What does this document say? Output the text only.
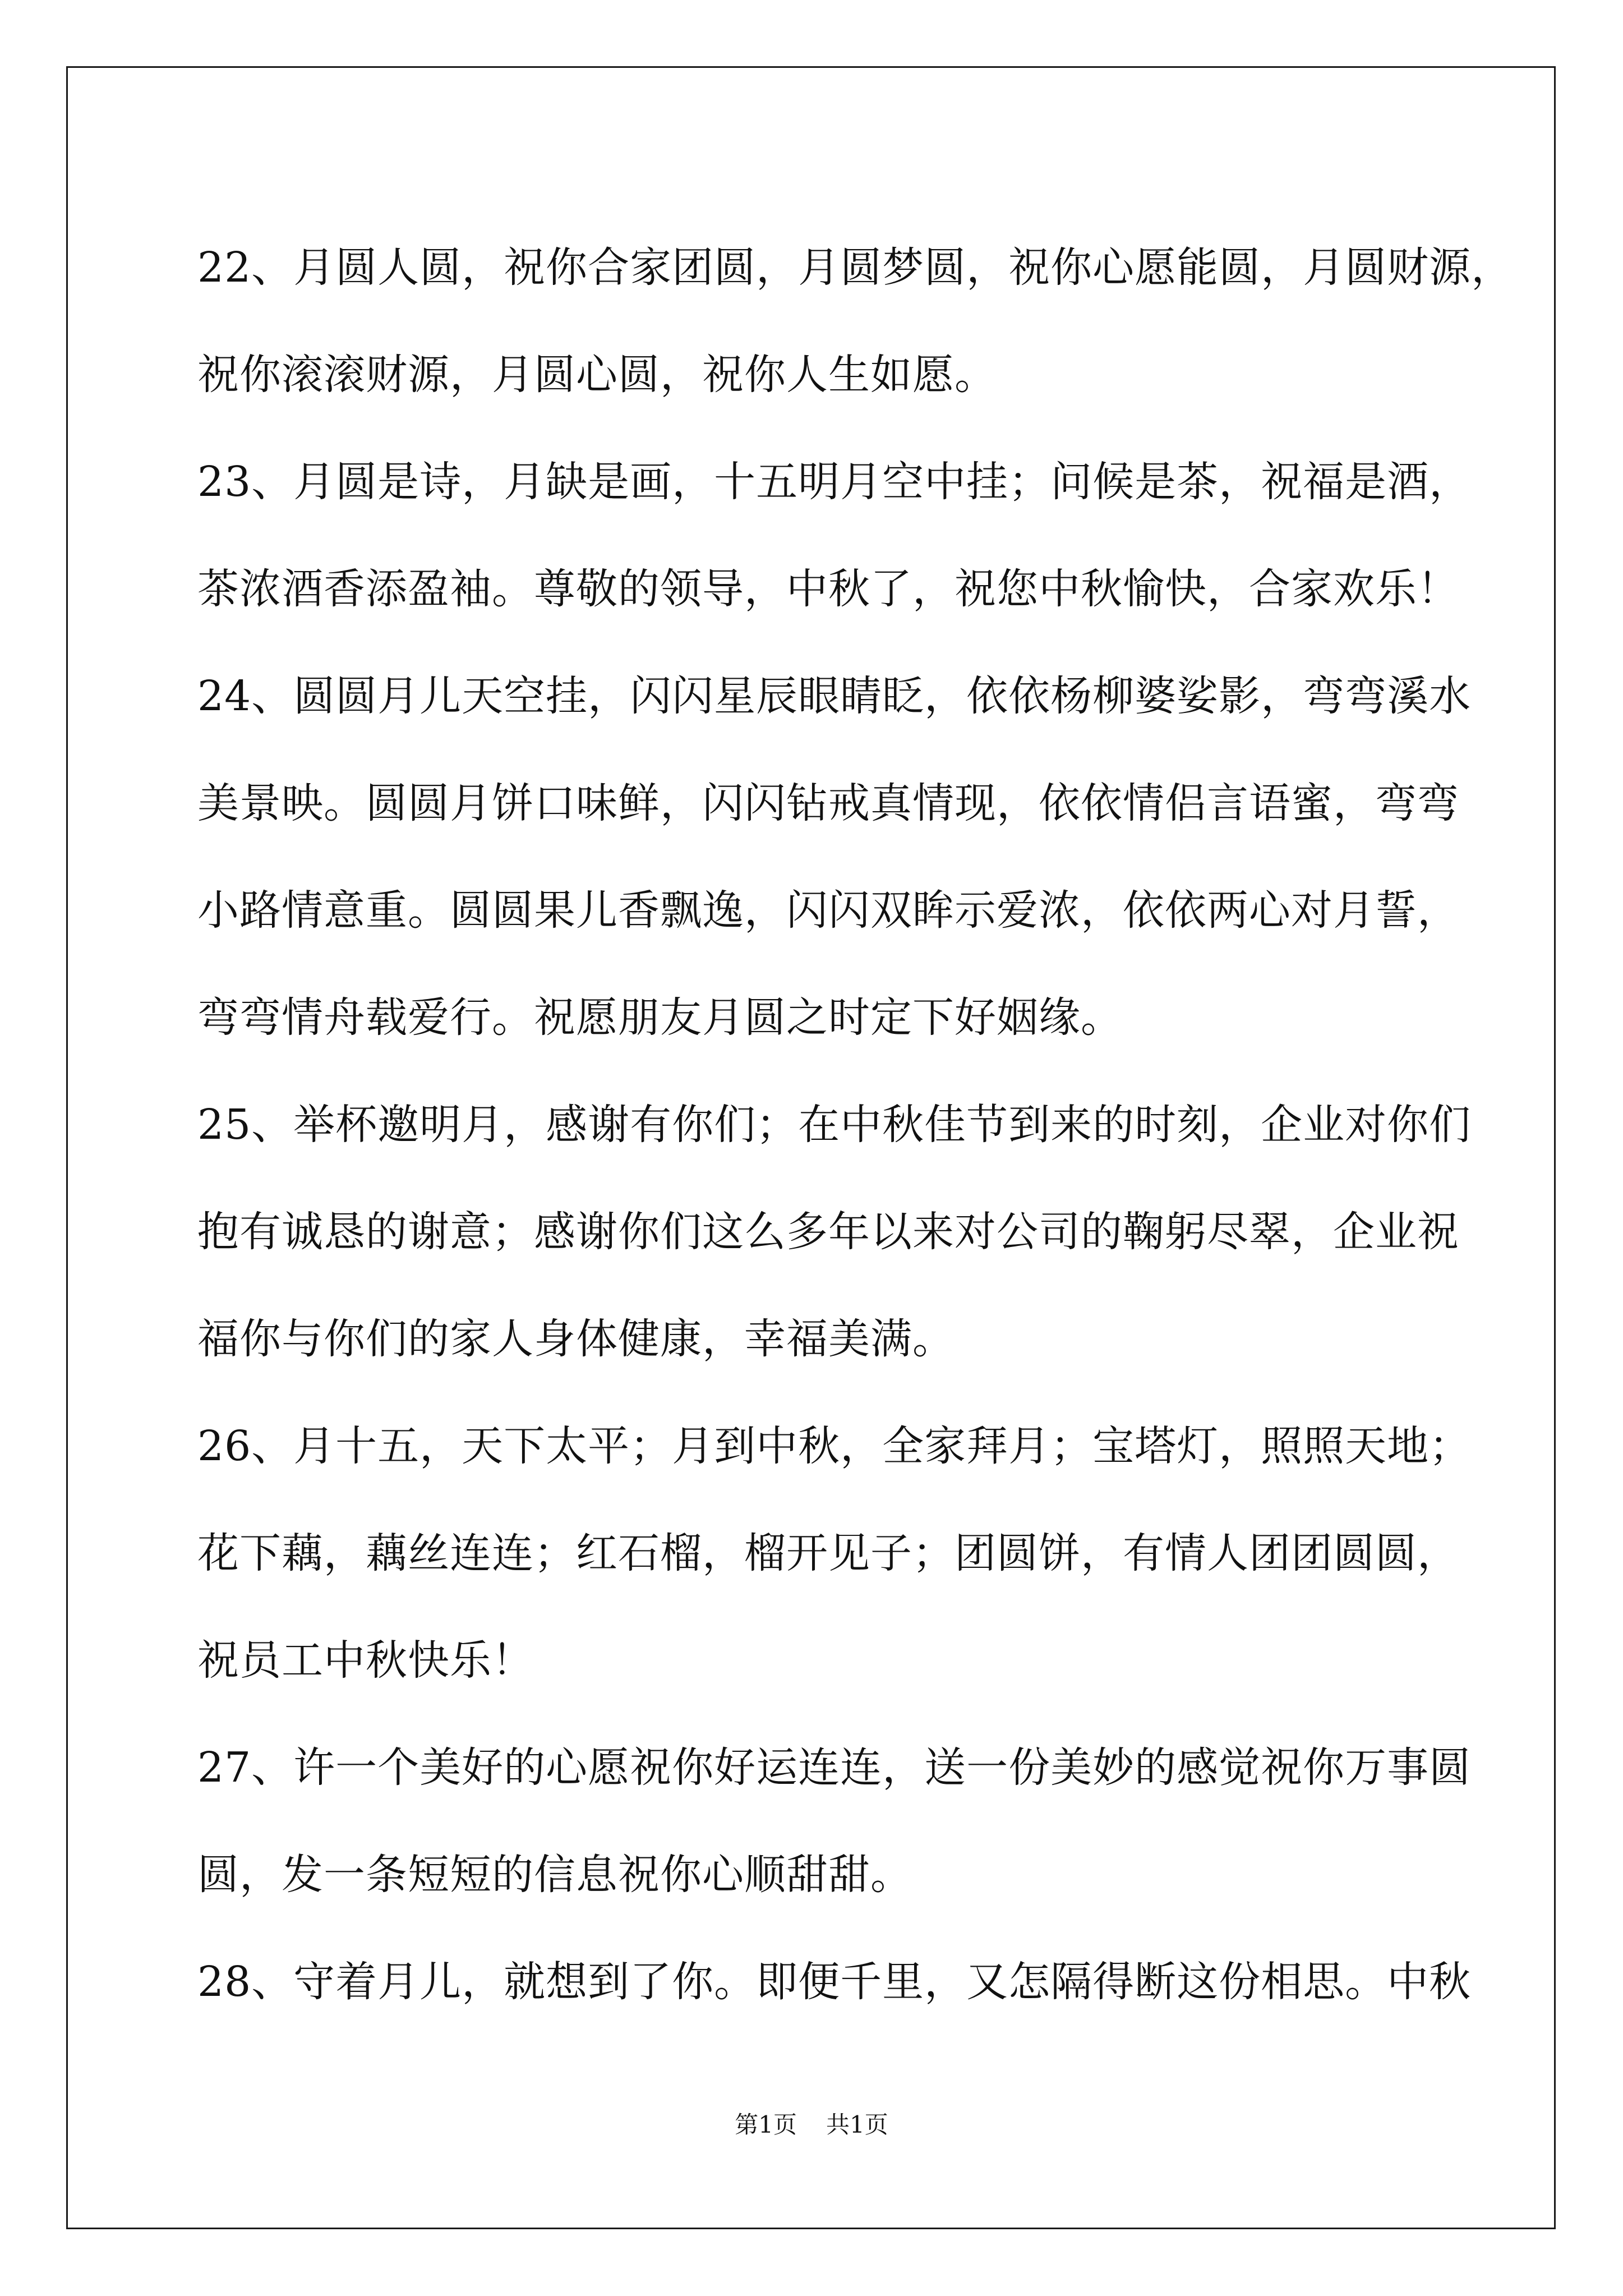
22、月圆人圆，祝你合家团圆，月圆梦圆，祝你心愿能圆，月圆财源，
祝你滚滚财源，月圆心圆，祝你人生如愿。
23、月圆是诗，月缺是画，十五明月空中挂；问候是茶，祝福是酒，
茶浓酒香添盈袖。尊敬的领导，中秋了，祝您中秋愉快，合家欢乐！
24、圆圆月儿天空挂，闪闪星辰眼睛眨，依依杨柳婆娑影，弯弯溪水
美景映。圆圆月饼口味鲜，闪闪钻戒真情现，依依情侣言语蜜，弯弯
小路情意重。圆圆果儿香飘逸，闪闪双眸示爱浓，依依两心对月誓，
弯弯情舟载爱行。祝愿朋友月圆之时定下好姻缘。
25、举杯邀明月，感谢有你们；在中秋佳节到来的时刻，企业对你们
抱有诚恳的谢意；感谢你们这么多年以来对公司的鞠躬尽翠，企业祝
福你与你们的家人身体健康，幸福美满。
26、月十五，天下太平；月到中秋，全家拜月；宝塔灯，照照天地；
花下藕，藕丝连连；红石榴，榴开见子；团圆饼，有情人团团圆圆，
祝员工中秋快乐！
27、许一个美好的心愿祝你好运连连，送一份美妙的感觉祝你万事圆
圆，发一条短短的信息祝你心顺甜甜。
28、守着月儿，就想到了你。即便千里，又怎隔得断这份相思。中秋
第1页 共1页
